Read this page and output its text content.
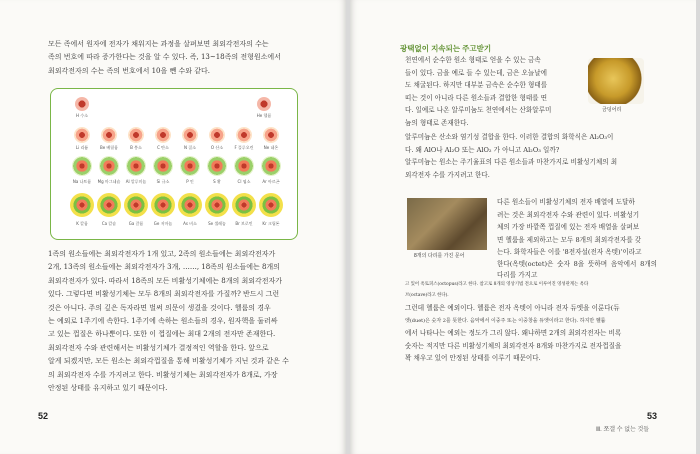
모든 족에서 원자에 전자가 채워지는 과정을 살펴보면 최외각전자의 수는
족의 번호에 따라 증가한다는 것을 알 수 있다. 즉, 13~18족의 전형원소에서
최외각전자의 수는 족의 번호에서 10을 뺀 수와 같다.
H 수소	He 헬륨
Li 리튬	Be 베릴륨	B 붕소	C 탄소	N 질소	O 산소	F 플루오린	Ne 네온
Na 나트륨	Mg 마그네슘	Al 알루미늄	Si 규소	P 인	S 황	Cl 염소	Ar 아르곤
K 칼륨	Ca 칼슘	Ga 갈륨	Ge 저마늄	As 비소	Se 셀레늄	Br 브로민	Kr 크립톤
1족의 원소들에는 최외각전자가 1개 있고, 2족의 원소들에는 최외각전자가
2개, 13족의 원소들에는 최외각전자가 3개, ……, 18족의 원소들에는 8개의
최외각전자가 있다. 따라서 18족의 모든 비활성기체에는 8개의 최외각전자가
있다. 그렇다면 비활성기체는 모두 8개의 최외각전자를 가질까? 반드시 그런
것은 아니다. 주의 깊은 독자라면 벌써 의문이 생겼을 것이다. 헬륨의 경우
는 예외로 1주기에 속한다. 1주기에 속하는 원소들의 경우, 원자핵을 둘러싸
고 있는 껍질은 하나뿐이다. 또한 이 껍질에는 최대 2개의 전자만 존재한다.
최외각전자 수와 관련해서는 비활성기체가 결정적인 역할을 한다. 앞으로
알게 되겠지만, 모든 원소는 최외각껍질을 통해 비활성기체가 지닌 것과 같은 수
의 최외각전자 수를 가지려고 한다. 비활성기체는 최외각전자가 8개로, 가장
안정된 상태를 유지하고 있기 때문이다.
52
광택없이 지속되는 주고받기
천연에서 순수한 원소 형태로 얻을 수 있는 금속
들이 있다. 금을 예로 들 수 있는데, 금은 오늘날에
도 채굴된다. 하지만 대부분 금속은 순수한 형태를
띠는 것이 아니라 다른 원소들과 결합한 형태를 띤
다. 일예로 나온 알루미늄도 천연에서는 산화알루미
늄의 형태로 존재한다.
금덩어리
알루미늄은 산소와 염기성 결합을 한다. 이러한 결합의 화학식은 Al₂O₃이
다. 왜 AlO나 Al₂O 또는 AlO₂ 가 아니고 Al₂O₃ 일까?
알루미늄는 원소는 주기율표의 다른 원소들과 마찬가지로 비활성기체의 최
외각전자 수를 가지려고 한다.
8개의 다리를 가진 문어
다른 원소들이 비활성기체의 전자 배열에 도달하
려는 것은 최외각전자 수와 관련이 있다. 비활성기
체의 가장 바깥쪽 껍질에 있는 전자 배열을 살펴보
면 헬륨을 제외하고는 모두 8개의 최외각전자를 갖
는다. 화학자들은 이를 '8전자설(전자 옥텟)'이라고
한다(옥텟(octet)은 숫자 8을 뜻하며 음악에서 8개의 다리를 가지고
고 있어 옥토퍼스(octopus)라고 한다. 참고로 8개의 영상기법 전으로 이루어진 영성관계는 옥타
브(octave)라고 한다).
그런데 헬륨은 예외이다. 헬륨은 전자 옥텟이 아니라 전자 듀엣을 이룬다(듀
엣(duet)은 숫자 2를 뜻한다. 음악에서 이중주 또는 이중창을 듀엣이라고 한다). 하지만 헬륨
에서 나타나는 예외는 정도가 그리 않다. 왜냐하면 2개의 최외각전자는 비록
숫자는 적지만 다른 비활성기체의 최외각전자 8개와 마찬가지로 전자껍질을
꽉 채우고 있어 안정된 상태를 이루기 때문이다.
53
Ⅲ. 쪼갤 수 없는 것들
